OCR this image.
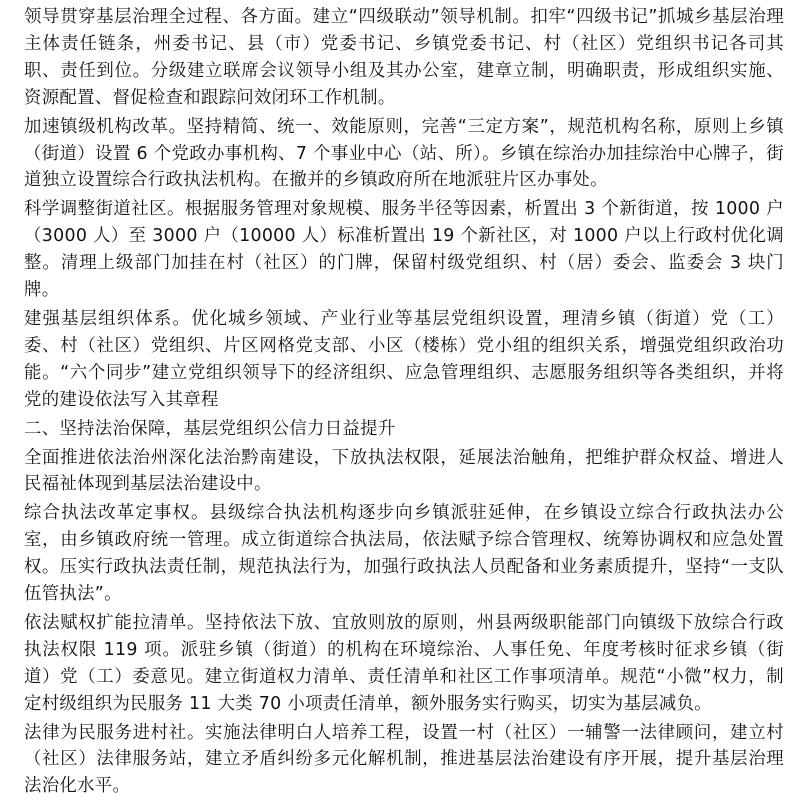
领导贯穿基层治理全过程、各方面。建立“四级联动”领导机制。扣牢“四级书记”抓城乡基层治理主体责任链条，州委书记、县（市）党委书记、乡镇党委书记、村（社区）党组织书记各司其职、责任到位。分级建立联席会议领导小组及其办公室，建章立制，明确职责，形成组织实施、资源配置、督促检查和跟踪问效闭环工作机制。

加速镇级机构改革。坚持精简、统一、效能原则，完善“三定方案”，规范机构名称，原则上乡镇（街道）设置 6 个党政办事机构、7 个事业中心（站、所）。乡镇在综治办加挂综治中心牌子，街道独立设置综合行政执法机构。在撤并的乡镇政府所在地派驻片区办事处。

科学调整街道社区。根据服务管理对象规模、服务半径等因素，析置出 3 个新街道，按 1000 户（3000 人）至 3000 户（10000 人）标准析置出 19 个新社区，对 1000 户以上行政村优化调整。清理上级部门加挂在村（社区）的门牌，保留村级党组织、村（居）委会、监委会 3 块门牌。

建强基层组织体系。优化城乡领域、产业行业等基层党组织设置，理清乡镇（街道）党（工）委、村（社区）党组织、片区网格党支部、小区（楼栋）党小组的组织关系，增强党组织政治功能。“六个同步”建立党组织领导下的经济组织、应急管理组织、志愿服务组织等各类组织，并将党的建设依法写入其章程

二、坚持法治保障，基层党组织公信力日益提升

全面推进依法治州深化法治黔南建设，下放执法权限，延展法治触角，把维护群众权益、增进人民福祉体现到基层法治建设中。

综合执法改革定事权。县级综合执法机构逐步向乡镇派驻延伸，在乡镇设立综合行政执法办公室，由乡镇政府统一管理。成立街道综合执法局，依法赋予综合管理权、统筹协调权和应急处置权。压实行政执法责任制，规范执法行为，加强行政执法人员配备和业务素质提升，坚持“一支队伍管执法”。

依法赋权扩能拉清单。坚持依法下放、宜放则放的原则，州县两级职能部门向镇级下放综合行政执法权限 119 项。派驻乡镇（街道）的机构在环境综治、人事任免、年度考核时征求乡镇（街道）党（工）委意见。建立街道权力清单、责任清单和社区工作事项清单。规范“小微”权力，制定村级组织为民服务 11 大类 70 小项责任清单，额外服务实行购买，切实为基层减负。

法律为民服务进村社。实施法律明白人培养工程，设置一村（社区）一辅警一法律顾问，建立村（社区）法律服务站，建立矛盾纠纷多元化解机制，推进基层法治建设有序开展，提升基层治理法治化水平。
